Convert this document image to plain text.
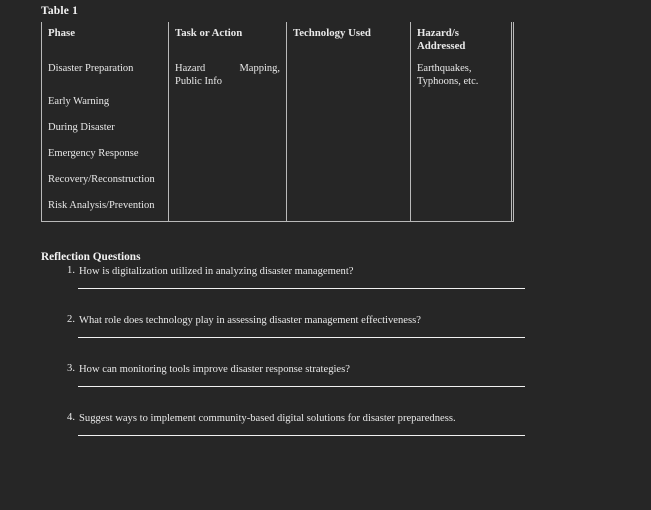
Table 1
Phase	Task or Action	Technology Used	Hazard/s
Addressed	
Disaster Preparation	Hazard Mapping,
Public Info		Earthquakes,
Typhoons, etc.	

Early Warning				
During Disaster				
Emergency Response				
Recovery/Reconstruction				
Risk Analysis/Prevention				
Reflection Questions
1. How is digitalization utilized in analyzing disaster management?
2. What role does technology play in assessing disaster management effectiveness?
3. How can monitoring tools improve disaster response strategies?
4. Suggest ways to implement community-based digital solutions for disaster preparedness.
